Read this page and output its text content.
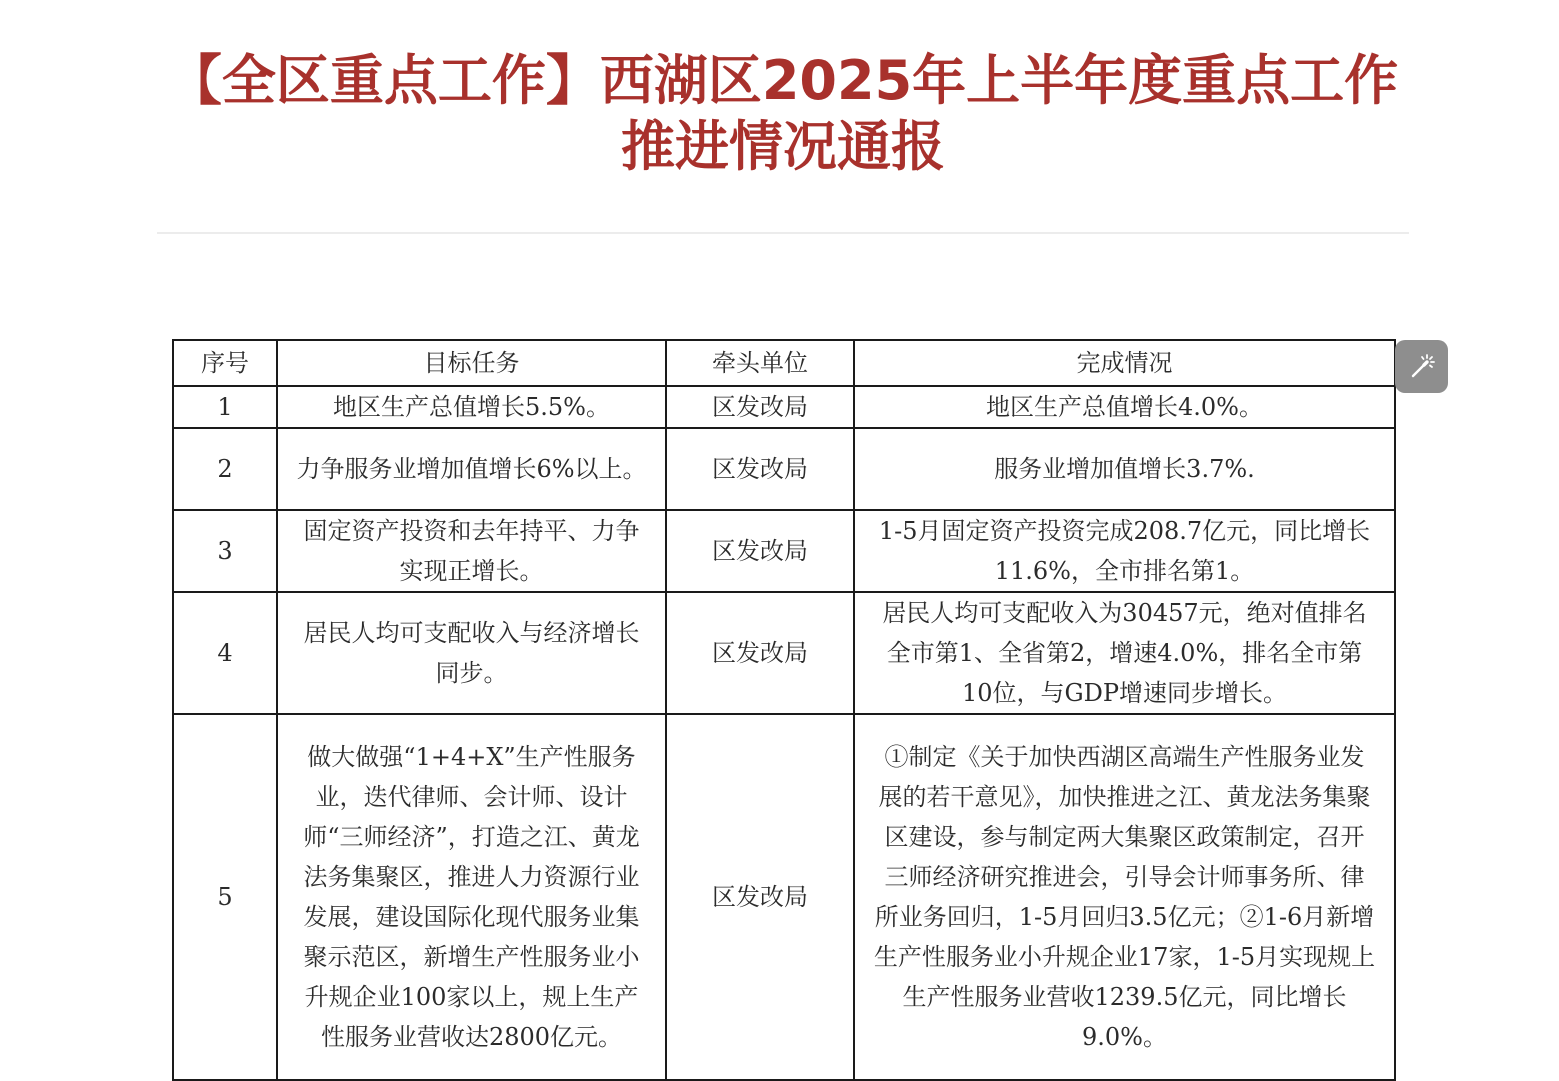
【全区重点工作】西湖区2025年上半年度重点工作
推进情况通报
序号	目标任务	牵头单位	完成情况
1	地区生产总值增长5.5%。	区发改局	地区生产总值增长4.0%。
2	力争服务业增加值增长6%以上。	区发改局	服务业增加值增长3.7%.
3	固定资产投资和去年持平、力争实现正增长。	区发改局	1-5月固定资产投资完成208.7亿元，同比增长11.6%，全市排名第1。
4	居民人均可支配收入与经济增长同步。	区发改局	居民人均可支配收入为30457元，绝对值排名全市第1、全省第2，增速4.0%，排名全市第10位，与GDP增速同步增长。
5	做大做强“1+4+X”生产性服务业，迭代律师、会计师、设计师“三师经济”，打造之江、黄龙法务集聚区，推进人力资源行业发展，建设国际化现代服务业集聚示范区，新增生产性服务业小升规企业100家以上，规上生产性服务业营收达2800亿元。	区发改局	①制定《关于加快西湖区高端生产性服务业发展的若干意见》，加快推进之江、黄龙法务集聚区建设，参与制定两大集聚区政策制定，召开三师经济研究推进会，引导会计师事务所、律所业务回归，1-5月回归3.5亿元；②1-6月新增生产性服务业小升规企业17家，1-5月实现规上生产性服务业营收1239.5亿元，同比增长9.0%。
